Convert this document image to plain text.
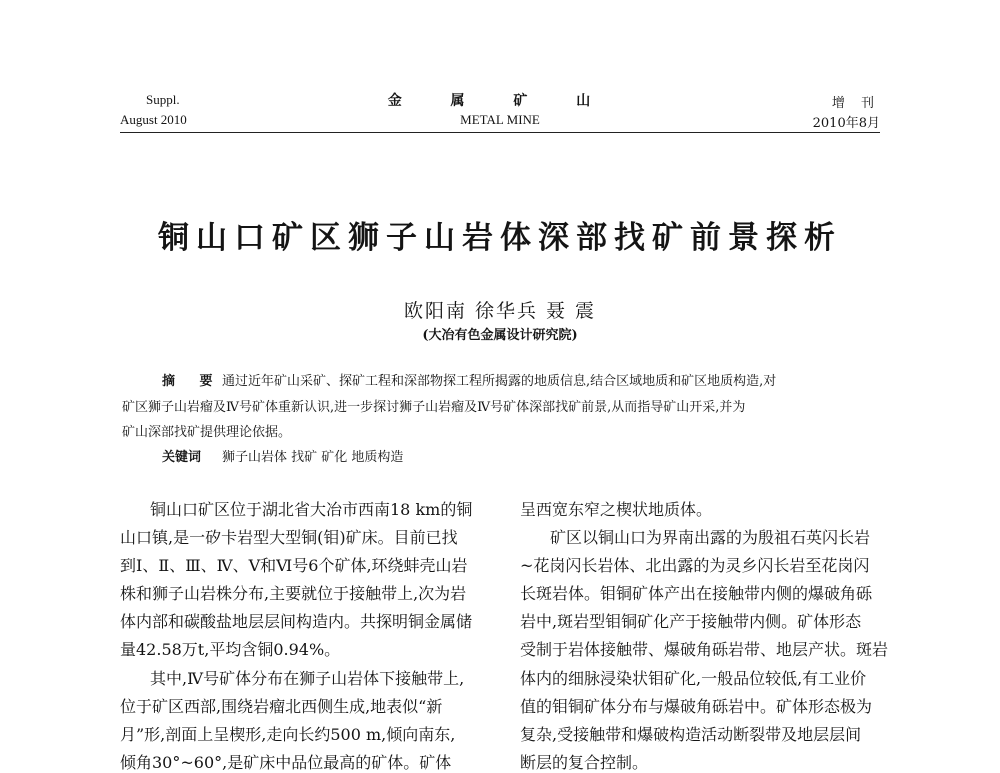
Suppl.
August 2010
金 属 矿 山
METAL MINE
增 刊
2010年8月
铜山口矿区狮子山岩体深部找矿前景探析
欧阳南 徐华兵 聂 震
(大冶有色金属设计研究院)
摘 要 通过近年矿山采矿、探矿工程和深部物探工程所揭露的地质信息,结合区域地质和矿区地质构造,对
矿区狮子山岩瘤及Ⅳ号矿体重新认识,进一步探讨狮子山岩瘤及Ⅳ号矿体深部找矿前景,从而指导矿山开采,并为
矿山深部找矿提供理论依据。
关键词 狮子山岩体 找矿 矿化 地质构造
铜山口矿区位于湖北省大冶市西南18 km的铜
山口镇,是一矽卡岩型大型铜(钼)矿床。目前已找
到Ⅰ、Ⅱ、Ⅲ、Ⅳ、Ⅴ和Ⅵ号6个矿体,环绕蚌壳山岩
株和狮子山岩株分布,主要就位于接触带上,次为岩
体内部和碳酸盐地层层间构造内。共探明铜金属储
量42.58万t,平均含铜0.94%。
其中,Ⅳ号矿体分布在狮子山岩体下接触带上,
位于矿区西部,围绕岩瘤北西侧生成,地表似“新
月”形,剖面上呈楔形,走向长约500 m,倾向南东,
倾角30°~60°,是矿床中品位最高的矿体。矿体
呈西宽东窄之楔状地质体。
矿区以铜山口为界南出露的为殷祖石英闪长岩
~花岗闪长岩体、北出露的为灵乡闪长岩至花岗闪
长斑岩体。钼铜矿体产出在接触带内侧的爆破角砾
岩中,斑岩型钼铜矿化产于接触带内侧。矿体形态
受制于岩体接触带、爆破角砾岩带、地层产状。斑岩
体内的细脉浸染状钼矿化,一般品位较低,有工业价
值的钼铜矿体分布与爆破角砾岩中。矿体形态极为
复杂,受接触带和爆破构造活动断裂带及地层层间
断层的复合控制。
